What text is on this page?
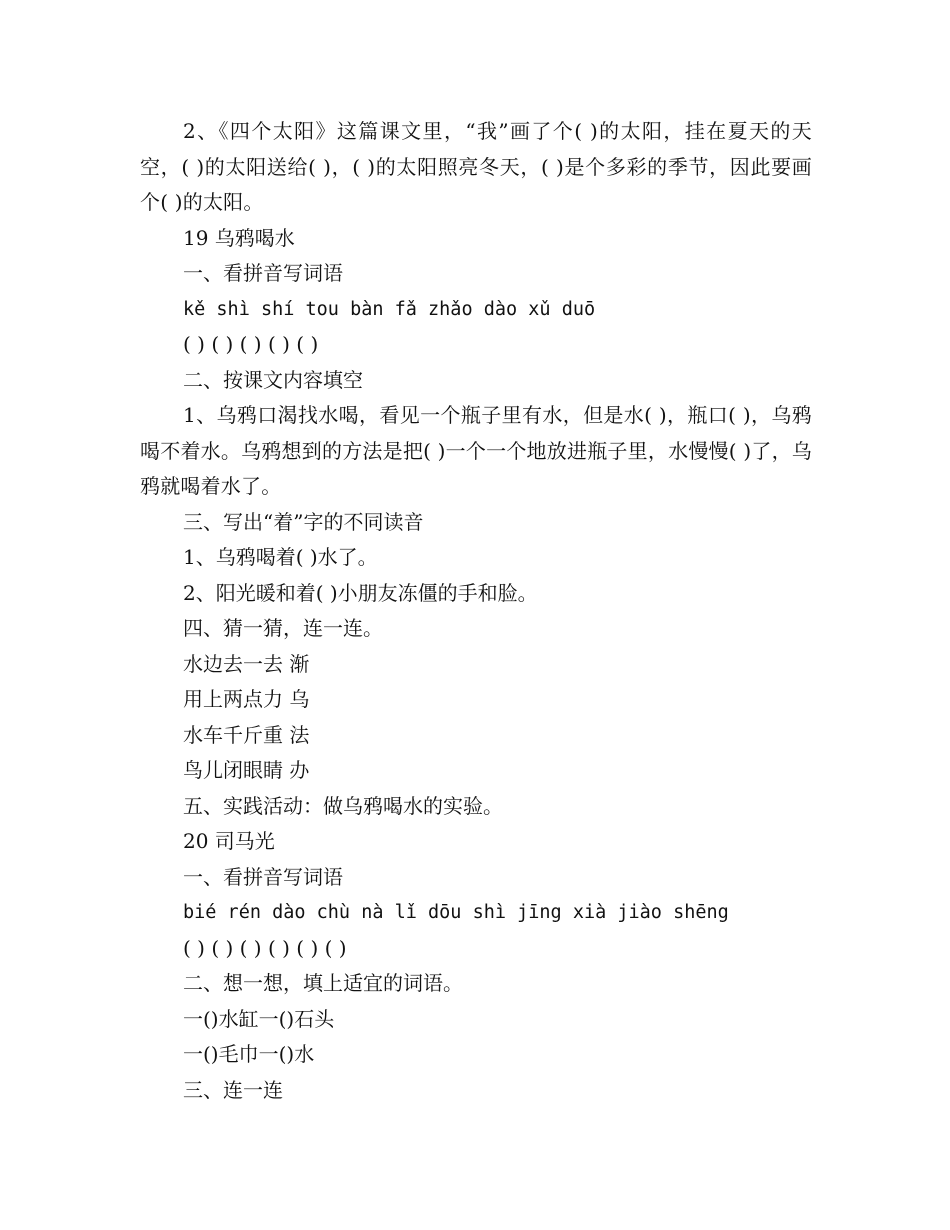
2、《四个太阳》这篇课文里，“我”画了个( )的太阳，挂在夏天的天空，( )的太阳送给( )，( )的太阳照亮冬天，( )是个多彩的季节，因此要画个( )的太阳。

19 乌鸦喝水

一、看拼音写词语

kě shì shí tou bàn fǎ zhǎo dào xǔ duō

( ) ( ) ( ) ( ) ( )

二、按课文内容填空

1、乌鸦口渴找水喝，看见一个瓶子里有水，但是水( )，瓶口( )，乌鸦喝不着水。乌鸦想到的方法是把( )一个一个地放进瓶子里，水慢慢( )了，乌鸦就喝着水了。

三、写出“着”字的不同读音

1、乌鸦喝着( )水了。

2、阳光暖和着( )小朋友冻僵的手和脸。

四、猜一猜，连一连。

水边去一去 渐

用上两点力 乌

水车千斤重 法

鸟儿闭眼睛 办

五、实践活动：做乌鸦喝水的实验。

20 司马光

一、看拼音写词语

bié rén dào chù nà lǐ dōu shì jīng xià jiào shēng

( ) ( ) ( ) ( ) ( ) ( )

二、想一想，填上适宜的词语。

一()水缸一()石头

一()毛巾一()水

三、连一连
